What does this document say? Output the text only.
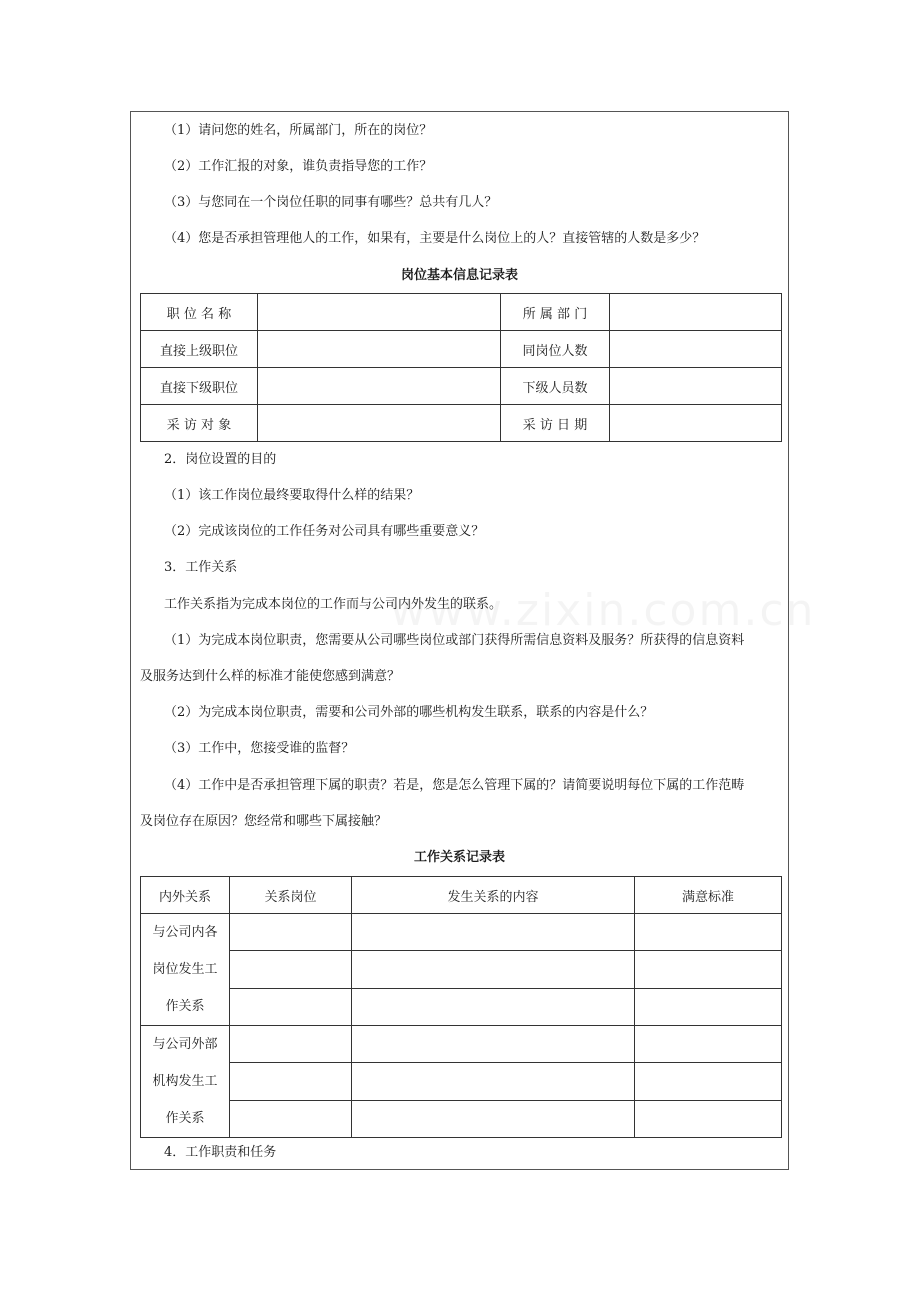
（1）请问您的姓名，所属部门，所在的岗位？
（2）工作汇报的对象，谁负责指导您的工作？
（3）与您同在一个岗位任职的同事有哪些？总共有几人？
（4）您是否承担管理他人的工作，如果有，主要是什么岗位上的人？直接管辖的人数是多少？
岗位基本信息记录表
职 位 名 称		所 属 部 门	
直接上级职位		同岗位人数	
直接下级职位		下级人员数	
采 访 对 象		采 访 日 期	
2．岗位设置的目的
（1）该工作岗位最终要取得什么样的结果？
（2）完成该岗位的工作任务对公司具有哪些重要意义？
3．工作关系
工作关系指为完成本岗位的工作而与公司内外发生的联系。
（1）为完成本岗位职责，您需要从公司哪些岗位或部门获得所需信息资料及服务？所获得的信息资料
及服务达到什么样的标准才能使您感到满意？
（2）为完成本岗位职责，需要和公司外部的哪些机构发生联系，联系的内容是什么？
（3）工作中，您接受谁的监督？
（4）工作中是否承担管理下属的职责？若是，您是怎么管理下属的？请简要说明每位下属的工作范畴
及岗位存在原因？您经常和哪些下属接触？
工作关系记录表
内外关系	关系岗位	发生关系的内容	满意标准

与公司内各
岗位发生工
作关系			

与公司外部
机构发生工
作关系			

4．工作职责和任务
